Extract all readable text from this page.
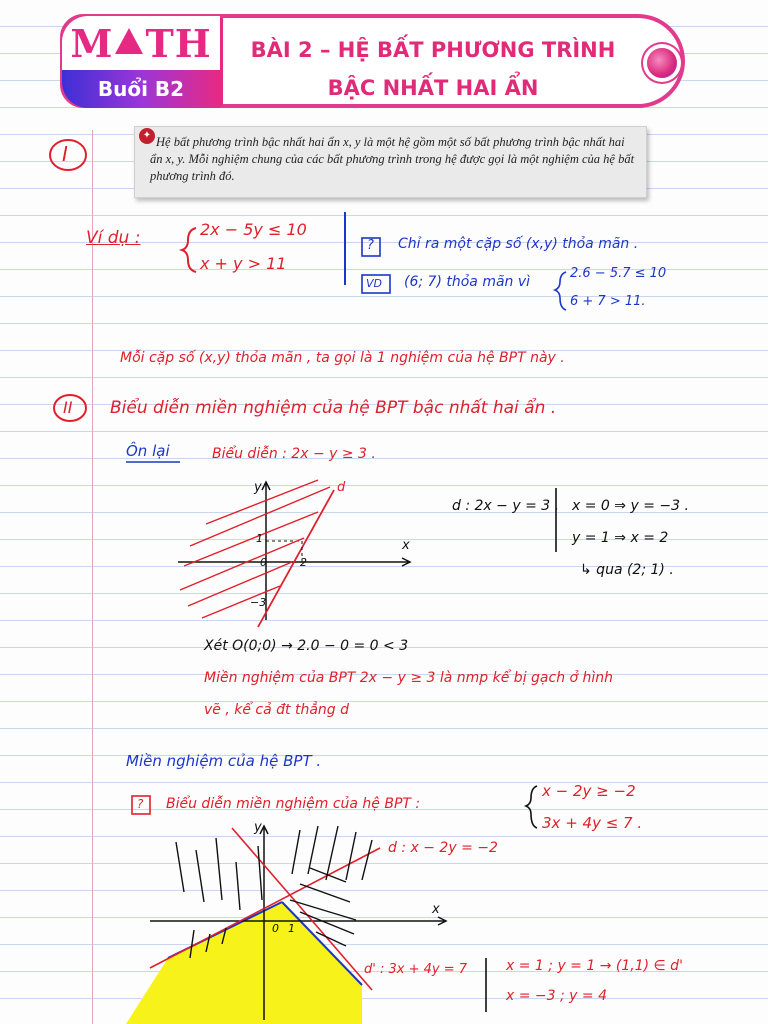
M TH
Buổi B2
BÀI 2 – HỆ BẤT PHƯƠNG TRÌNH
BẬC NHẤT HAI ẨN
✦ Hệ bất phương trình bậc nhất hai ẩn x, y là một hệ gồm một số bất phương trình bậc nhất hai ẩn x, y. Mỗi nghiệm chung của các bất phương trình trong hệ được gọi là một nghiệm của hệ bất phương trình đó.
I
Ví dụ :	2x − 5y ≤ 10
x + y > 11
? Chỉ ra một cặp số (x,y) thỏa mãn .
VD (6; 7) thỏa mãn vì
2.6 − 5.7 ≤ 10
6 + 7 > 11.
Mỗi cặp số (x,y) thỏa mãn , ta gọi là 1 nghiệm của hệ BPT này .
II Biểu diễn miền nghiệm của hệ BPT bậc nhất hai ẩn .
Ôn lại	Biểu diễn : 2x − y ≥ 3 .
y
x
d
1
0	2
−3
d : 2x − y = 3 . x = 0 ⇒ y = −3 .
y = 1 ⇒ x = 2
↳ qua (2; 1) .
Xét O(0;0) → 2.0 − 0 = 0 < 3
Miền nghiệm của BPT 2x − y ≥ 3 là nmp kể bị gạch ở hình
vẽ , kể cả đt thẳng d
Miền nghiệm của hệ BPT .
? Biểu diễn miền nghiệm của hệ BPT :
x − 2y ≥ −2
3x + 4y ≤ 7 .
y
x
0 1
d : x − 2y = −2
d' : 3x + 4y = 7	x = 1 ; y = 1 → (1,1) ∈ d'
x = −3 ; y = 4
